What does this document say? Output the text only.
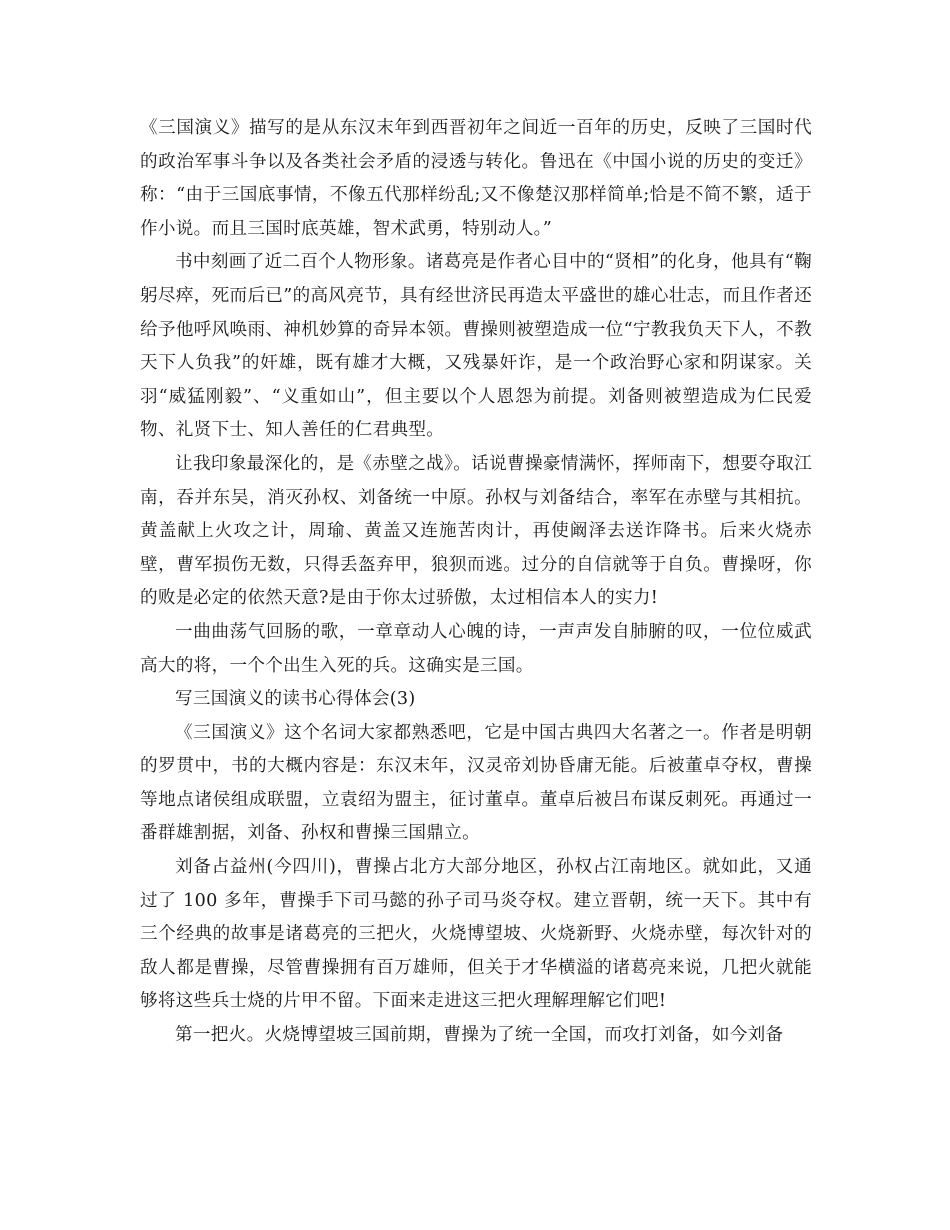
《三国演义》描写的是从东汉末年到西晋初年之间近一百年的历史，反映了三国时代的政治军事斗争以及各类社会矛盾的浸透与转化。鲁迅在《中国小说的历史的变迁》称：“由于三国底事情，不像五代那样纷乱;又不像楚汉那样简单;恰是不简不繁，适于作小说。而且三国时底英雄，智术武勇，特别动人。”

书中刻画了近二百个人物形象。诸葛亮是作者心目中的“贤相”的化身，他具有“鞠躬尽瘁，死而后已”的高风亮节，具有经世济民再造太平盛世的雄心壮志，而且作者还给予他呼风唤雨、神机妙算的奇异本领。曹操则被塑造成一位“宁教我负天下人，不教天下人负我”的奸雄，既有雄才大概，又残暴奸诈，是一个政治野心家和阴谋家。关羽“威猛刚毅”、“义重如山”，但主要以个人恩怨为前提。刘备则被塑造成为仁民爱物、礼贤下士、知人善任的仁君典型。

让我印象最深化的，是《赤壁之战》。话说曹操豪情满怀，挥师南下，想要夺取江南，吞并东吴，消灭孙权、刘备统一中原。孙权与刘备结合，率军在赤壁与其相抗。黄盖献上火攻之计，周瑜、黄盖又连施苦肉计，再使阚泽去送诈降书。后来火烧赤壁，曹军损伤无数，只得丢盔弃甲，狼狈而逃。过分的自信就等于自负。曹操呀，你的败是必定的依然天意?是由于你太过骄傲，太过相信本人的实力!

一曲曲荡气回肠的歌，一章章动人心魄的诗，一声声发自肺腑的叹，一位位威武高大的将，一个个出生入死的兵。这确实是三国。

写三国演义的读书心得体会(3)

《三国演义》这个名词大家都熟悉吧，它是中国古典四大名著之一。作者是明朝的罗贯中，书的大概内容是：东汉末年，汉灵帝刘协昏庸无能。后被董卓夺权，曹操等地点诸侯组成联盟，立袁绍为盟主，征讨董卓。董卓后被吕布谋反刺死。再通过一番群雄割据，刘备、孙权和曹操三国鼎立。

刘备占益州(今四川)，曹操占北方大部分地区，孙权占江南地区。就如此，又通过了 100 多年，曹操手下司马懿的孙子司马炎夺权。建立晋朝，统一天下。其中有三个经典的故事是诸葛亮的三把火，火烧博望坡、火烧新野、火烧赤壁，每次针对的敌人都是曹操，尽管曹操拥有百万雄师，但关于才华横溢的诸葛亮来说，几把火就能够将这些兵士烧的片甲不留。下面来走进这三把火理解理解它们吧!

第一把火。火烧博望坡三国前期，曹操为了统一全国，而攻打刘备，如今刘备
